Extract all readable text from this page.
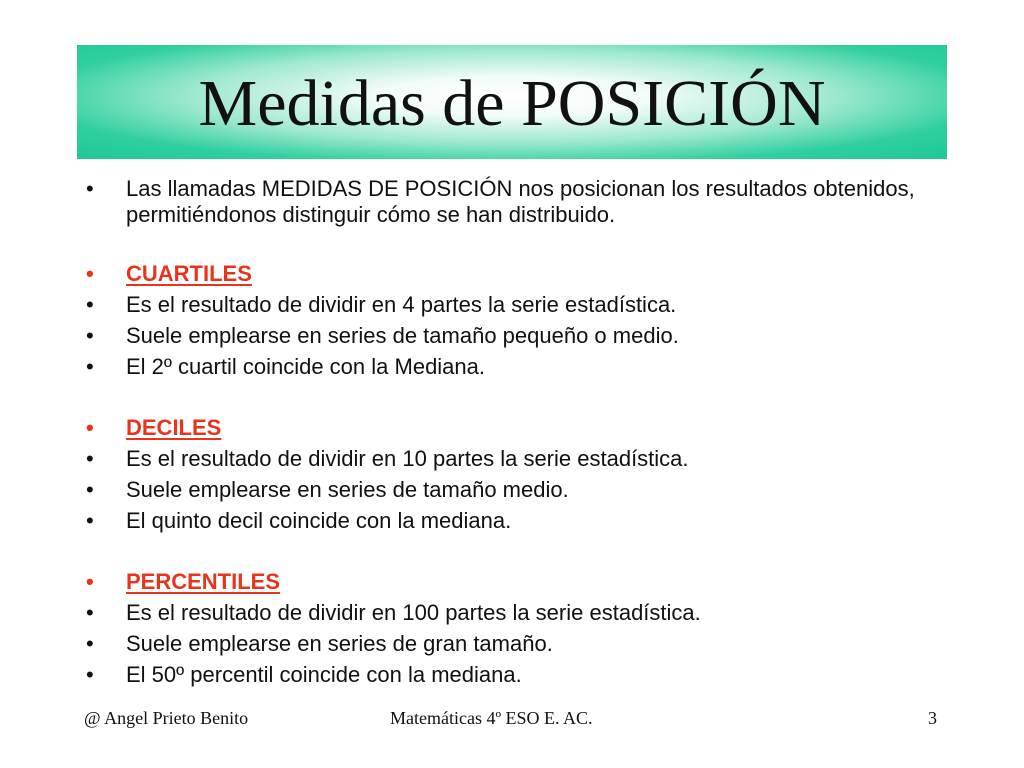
Medidas de POSICIÓN
•	Las llamadas MEDIDAS DE POSICIÓN nos posicionan los resultados obtenidos, permitiéndonos distinguir cómo se han distribuido.
•	CUARTILES
•	Es el resultado de dividir en 4 partes la serie estadística.
•	Suele emplearse en series de tamaño pequeño o medio.
•	El 2º cuartil coincide con la Mediana.
•	DECILES
•	Es el resultado de dividir en 10 partes la serie estadística.
•	Suele emplearse en series de tamaño medio.
•	El quinto decil coincide con la mediana.
•	PERCENTILES
•	Es el resultado de dividir en 100 partes la serie estadística.
•	Suele emplearse en series de gran tamaño.
•	El 50º percentil coincide con la mediana.
@ Angel Prieto Benito	Matemáticas 4º ESO E. AC.	3
